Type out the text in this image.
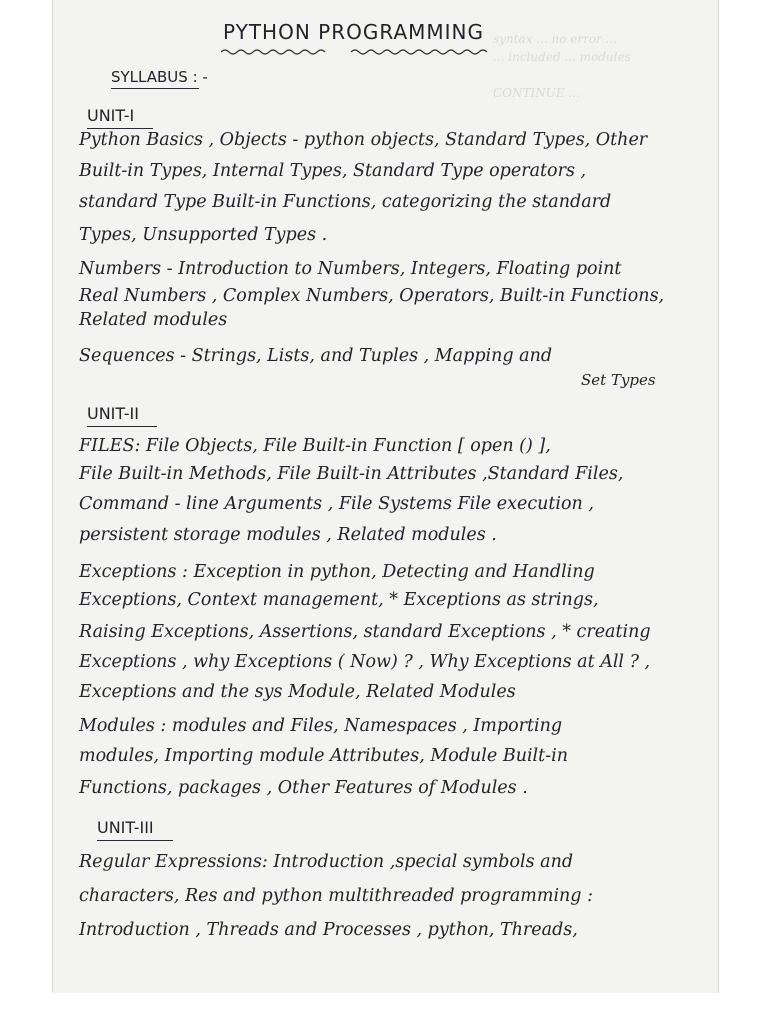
syntax ... no error ...
... included ... modules
CONTINUE ...
PYTHON PROGRAMMING
SYLLABUS : -
UNIT-I
Python Basics , Objects - python objects, Standard Types, Other
Built-in Types, Internal Types, Standard Type operators ,
standard Type Built-in Functions, categorizing the standard
Types, Unsupported Types .
Numbers - Introduction to Numbers, Integers, Floating point
Real Numbers , Complex Numbers, Operators, Built-in Functions,
Related modules
Sequences - Strings, Lists, and Tuples , Mapping and
Set Types
UNIT-II
FILES: File Objects, File Built-in Function [ open () ],
File Built-in Methods, File Built-in Attributes ,Standard Files,
Command - line Arguments , File Systems File execution ,
persistent storage modules , Related modules .
Exceptions : Exception in python, Detecting and Handling
Exceptions, Context management, * Exceptions as strings,
Raising Exceptions, Assertions, standard Exceptions , * creating
Exceptions , why Exceptions ( Now) ? , Why Exceptions at All ? ,
Exceptions and the sys Module, Related Modules
Modules : modules and Files, Namespaces , Importing
modules, Importing module Attributes, Module Built-in
Functions, packages , Other Features of Modules .
UNIT-III
Regular Expressions: Introduction ,special symbols and
characters, Res and python multithreaded programming :
Introduction , Threads and Processes , python, Threads,
